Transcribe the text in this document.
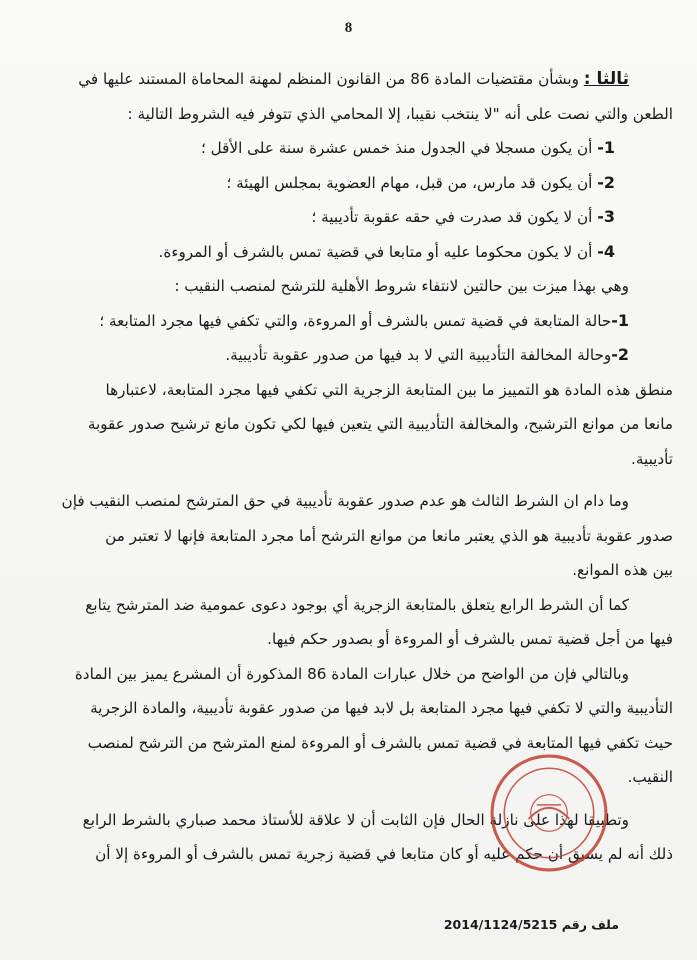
8

ثالثا : وبشأن مقتضيات المادة 86 من القانون المنظم لمهنة المحاماة المستند عليها في

الطعن والتي نصت على أنه "لا ينتخب نقيبا، إلا المحامي الذي تتوفر فيه الشروط التالية :

1- أن يكون مسجلا في الجدول منذ خمس عشرة سنة على الأقل ؛

2- أن يكون قد مارس، من قبل، مهام العضوية بمجلس الهيئة ؛

3- أن لا يكون قد صدرت في حقه عقوبة تأديبية ؛

4- أن لا يكون محكوما عليه أو متابعا في قضية تمس بالشرف أو المروءة.

وهي بهذا ميزت بين حالتين لانتفاء شروط الأهلية للترشح لمنصب النقيب :

1-حالة المتابعة في قضية تمس بالشرف أو المروءة، والتي تكفي فيها مجرد المتابعة ؛

2-وحالة المخالفة التأديبية التي لا بد فيها من صدور عقوبة تأديبية.

منطق هذه المادة هو التمييز ما بين المتابعة الزجرية التي تكفي فيها مجرد المتابعة، لاعتبارها

مانعا من موانع الترشيح، والمخالفة التأديبية التي يتعين فيها لكي تكون مانع ترشيح صدور عقوبة

تأديبية.

وما دام ان الشرط الثالث هو عدم صدور عقوبة تأديبية في حق المترشح لمنصب النقيب فإن

صدور عقوبة تأديبية هو الذي يعتبر مانعا من موانع الترشح أما مجرد المتابعة فإنها لا تعتبر من

بين هذه الموانع.

كما أن الشرط الرابع يتعلق بالمتابعة الزجرية أي بوجود دعوى عمومية ضد المترشح يتابع

فيها من أجل قضية تمس بالشرف أو المروءة أو بصدور حكم فيها.

وبالتالي فإن من الواضح من خلال عبارات المادة 86 المذكورة أن المشرع يميز بين المادة

التأديبية والتي لا تكفي فيها مجرد المتابعة بل لابد فيها من صدور عقوبة تأديبية، والمادة الزجرية

حيث تكفي فيها المتابعة في قضية تمس بالشرف أو المروءة لمنع المترشح من الترشح لمنصب

النقيب.

وتطبيقا لهذا على نازلة الحال فإن الثابت أن لا علاقة للأستاذ محمد صباري بالشرط الرابع

ذلك أنه لم يسبق أن حكم عليه أو كان متابعا في قضية زجرية تمس بالشرف أو المروءة إلا أن

ملف رقم 2014/1124/5215
